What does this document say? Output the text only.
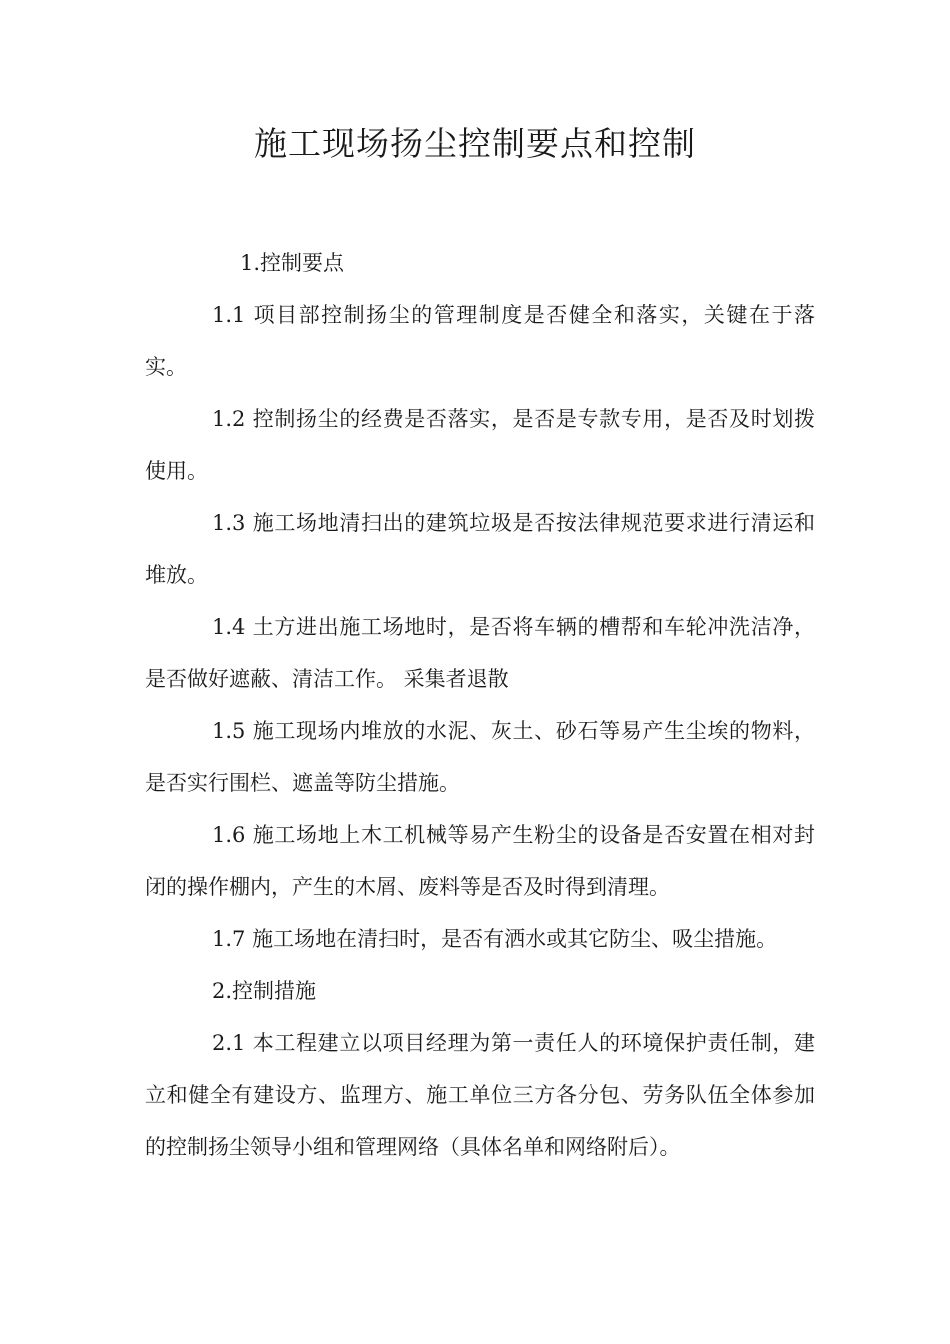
施工现场扬尘控制要点和控制

1.控制要点

1.1 项目部控制扬尘的管理制度是否健全和落实，关键在于落实。

1.2 控制扬尘的经费是否落实，是否是专款专用，是否及时划拨使用。

1.3 施工场地清扫出的建筑垃圾是否按法律规范要求进行清运和堆放。

1.4 土方进出施工场地时，是否将车辆的槽帮和车轮冲洗洁净，是否做好遮蔽、清洁工作。 采集者退散

1.5 施工现场内堆放的水泥、灰土、砂石等易产生尘埃的物料，是否实行围栏、遮盖等防尘措施。

1.6 施工场地上木工机械等易产生粉尘的设备是否安置在相对封闭的操作棚内，产生的木屑、废料等是否及时得到清理。

1.7 施工场地在清扫时，是否有洒水或其它防尘、吸尘措施。

2.控制措施

2.1 本工程建立以项目经理为第一责任人的环境保护责任制，建立和健全有建设方、监理方、施工单位三方各分包、劳务队伍全体参加的控制扬尘领导小组和管理网络（具体名单和网络附后）。
